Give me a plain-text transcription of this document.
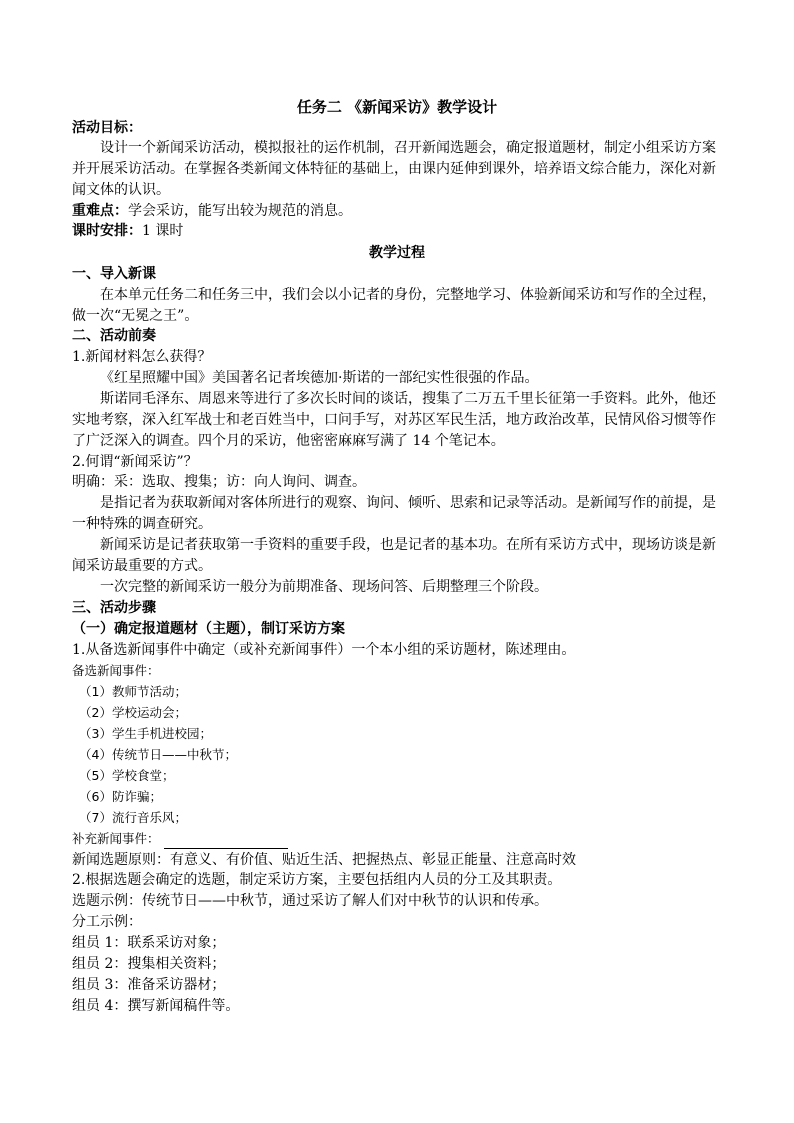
任务二 《新闻采访》教学设计
活动目标：
设计一个新闻采访活动，模拟报社的运作机制，召开新闻选题会，确定报道题材，制定小组采访方案
并开展采访活动。在掌握各类新闻文体特征的基础上，由课内延伸到课外，培养语文综合能力，深化对新
闻文体的认识。
重难点：学会采访，能写出较为规范的消息。
课时安排：1 课时
教学过程
一、导入新课
在本单元任务二和任务三中，我们会以小记者的身份，完整地学习、体验新闻采访和写作的全过程，
做一次“无冕之王”。
二、活动前奏
1.新闻材料怎么获得？
《红星照耀中国》美国著名记者埃德加·斯诺的一部纪实性很强的作品。
斯诺同毛泽东、周恩来等进行了多次长时间的谈话，搜集了二万五千里长征第一手资料。此外，他还
实地考察，深入红军战士和老百姓当中，口问手写，对苏区军民生活，地方政治改革，民情风俗习惯等作
了广泛深入的调查。四个月的采访，他密密麻麻写满了 14 个笔记本。
2.何谓“新闻采访”？
明确：采：选取、搜集；访：向人询问、调查。
是指记者为获取新闻对客体所进行的观察、询问、倾听、思索和记录等活动。是新闻写作的前提，是
一种特殊的调查研究。
新闻采访是记者获取第一手资料的重要手段，也是记者的基本功。在所有采访方式中，现场访谈是新
闻采访最重要的方式。
一次完整的新闻采访一般分为前期准备、现场问答、后期整理三个阶段。
三、活动步骤
（一）确定报道题材（主题），制订采访方案
1.从备选新闻事件中确定（或补充新闻事件）一个本小组的采访题材，陈述理由。
备选新闻事件：
（1）教师节活动；
（2）学校运动会；
（3）学生手机进校园；
（4）传统节日——中秋节；
（5）学校食堂；
（6）防诈骗；
（7）流行音乐风；
补充新闻事件：
新闻选题原则：有意义、有价值、贴近生活、把握热点、彰显正能量、注意高时效
2.根据选题会确定的选题，制定采访方案，主要包括组内人员的分工及其职责。
选题示例：传统节日——中秋节，通过采访了解人们对中秋节的认识和传承。
分工示例：
组员 1：联系采访对象；
组员 2：搜集相关资料；
组员 3：准备采访器材；
组员 4：撰写新闻稿件等。
